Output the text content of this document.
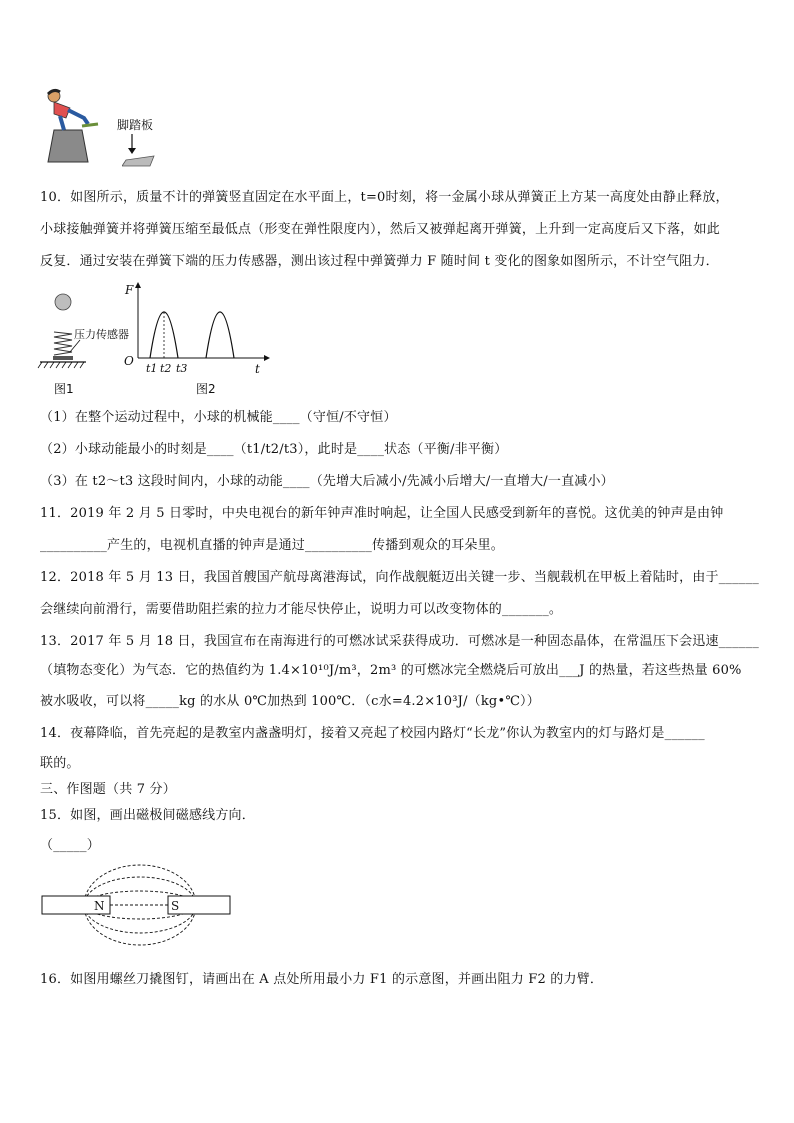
脚踏板
10．如图所示，质量不计的弹簧竖直固定在水平面上，t=0时刻，将一金属小球从弹簧正上方某一高度处由静止释放，
小球接触弹簧并将弹簧压缩至最低点（形变在弹性限度内），然后又被弹起离开弹簧，上升到一定高度后又下落，如此
反复．通过安装在弹簧下端的压力传感器，测出该过程中弹簧弹力 F 随时间 t 变化的图象如图所示，不计空气阻力．
压力传感器
F
O
t
t1 t2 t3
图1	图2
（1）在整个运动过程中，小球的机械能____（守恒/不守恒）
（2）小球动能最小的时刻是____（t1/t2/t3），此时是____状态（平衡/非平衡）
（3）在 t2～t3 这段时间内，小球的动能____（先增大后减小/先减小后增大/一直增大/一直减小）
11．2019 年 2 月 5 日零时，中央电视台的新年钟声准时响起，让全国人民感受到新年的喜悦。这优美的钟声是由钟
__________产生的，电视机直播的钟声是通过__________传播到观众的耳朵里。
12．2018 年 5 月 13 日，我国首艘国产航母离港海试，向作战舰艇迈出关键一步、当舰载机在甲板上着陆时，由于______
会继续向前滑行，需要借助阻拦索的拉力才能尽快停止，说明力可以改变物体的_______。
13．2017 年 5 月 18 日，我国宣布在南海进行的可燃冰试采获得成功．可燃冰是一种固态晶体，在常温压下会迅速______
（填物态变化）为气态．它的热值约为 1.4×10¹⁰J/m³，2m³ 的可燃冰完全燃烧后可放出___J 的热量，若这些热量 60%
被水吸收，可以将_____kg 的水从 0℃加热到 100℃．（c水=4.2×10³J/（kg•℃））
14．夜幕降临，首先亮起的是教室内盏盏明灯，接着又亮起了校园内路灯“长龙”你认为教室内的灯与路灯是______
联的。
三、作图题（共 7 分）
15．如图，画出磁极间磁感线方向．
（_____）
N	S
16．如图用螺丝刀撬图钉，请画出在 A 点处所用最小力 F1 的示意图，并画出阻力 F2 的力臂．
